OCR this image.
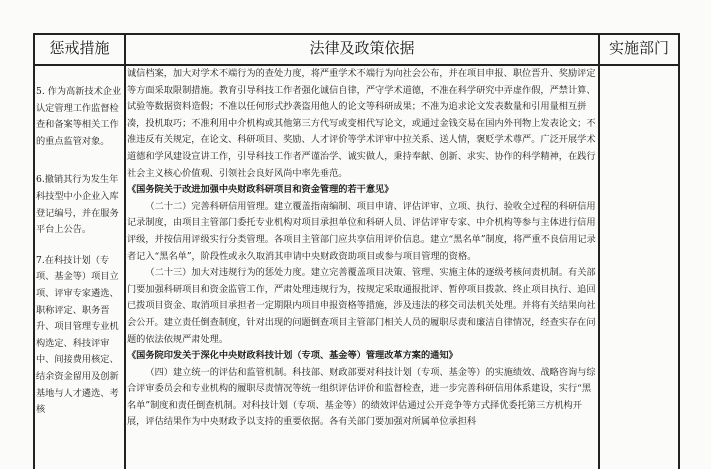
惩戒措施	法律及政策依据	实施部门

5. 作为高新技术企业认定管理工作监督检查和备案等相关工作的重点监管对象。

6.撤销其行为发生年科技型中小企业入库登记编号，并在服务平台上公告。

7.在科技计划（专项、基金等）项目立项、评审专家遴选、职称评定、职务晋升、项目管理专业机构选定、科技评审中、间接费用核定、结余资金留用及创新基地与人才遴选、考核

诚信档案，加大对学术不端行为的查处力度，将严重学术不端行为向社会公布，并在项目申报、职位晋升、奖励评定等方面采取限制措施。教育引导科技工作者强化诚信自律，严守学术道德，不准在科学研究中弄虚作假，严禁计算、试验等数据资料造假；不准以任何形式抄袭盗用他人的论文等科研成果；不准为追求论文发表数量和引用量相互拼凑，投机取巧；不准利用中介机构或其他第三方代写或变相代写论文，或通过金钱交易在国内外刊物上发表论文；不准违反有关规定，在论文、科研项目、奖励、人才评价等学术评审中拉关系、送人情，褒贬学术尊严。广泛开展学术道德和学风建设宣讲工作，引导科技工作者严谨治学、诚实做人，秉持奉献、创新、求实、协作的科学精神，在践行社会主义核心价值观、引领社会良好风尚中率先垂范。

《国务院关于改进加强中央财政科研项目和资金管理的若干意见》

（二十二）完善科研信用管理。建立覆盖指南编制、项目申请、评估评审、立项、执行、验收全过程的科研信用记录制度，由项目主管部门委托专业机构对项目承担单位和科研人员、评估评审专家、中介机构等参与主体进行信用评级，并按信用评级实行分类管理。各项目主管部门应共享信用评价信息。建立“黑名单”制度，将严重不良信用记录者记入“黑名单”，阶段性或永久取消其申请中央财政资助项目或参与项目管理的资格。

（二十三）加大对违规行为的惩处力度。建立完善覆盖项目决策、管理、实施主体的逐级考核问责机制。有关部门要加强科研项目和资金监管工作，严肃处理违规行为，按规定采取通报批评、暂停项目拨款、终止项目执行、追回已拨项目资金、取消项目承担者一定期限内项目申报资格等措施，涉及违法的移交司法机关处理。并将有关结果向社会公开。建立责任倒查制度，针对出现的问题倒查项目主管部门相关人员的履职尽责和廉洁自律情况，经查实存在问题的依法依规严肃处理。

《国务院印发关于深化中央财政科技计划（专项、基金等）管理改革方案的通知》

（四）建立统一的评估和监管机制。科技部、财政部要对科技计划（专项、基金等）的实施绩效、战略咨询与综合评审委员会和专业机构的履职尽责情况等统一组织评估评价和监督检查，进一步完善科研信用体系建设，实行“黑名单”制度和责任倒查机制。对科技计划（专项、基金等）的绩效评估通过公开竞争等方式择优委托第三方机构开展，评估结果作为中央财政予以支持的重要依据。各有关部门要加强对所属单位承担科
